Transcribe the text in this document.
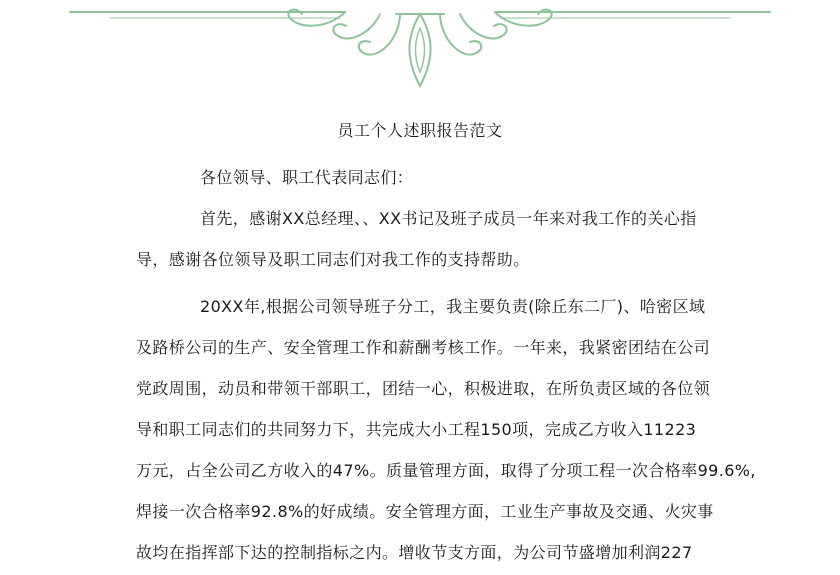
员工个人述职报告范文
各位领导、职工代表同志们：
首先，感谢XX总经理、、XX书记及班子成员一年来对我工作的关心指
导，感谢各位领导及职工同志们对我工作的支持帮助。
20XX年,根据公司领导班子分工，我主要负责(除丘东二厂)、哈密区域
及路桥公司的生产、安全管理工作和薪酬考核工作。一年来，我紧密团结在公司
党政周围，动员和带领干部职工，团结一心，积极进取，在所负责区域的各位领
导和职工同志们的共同努力下，共完成大小工程150项，完成乙方收入11223
万元，占全公司乙方收入的47%。质量管理方面，取得了分项工程一次合格率99.6%,
焊接一次合格率92.8%的好成绩。安全管理方面，工业生产事故及交通、火灾事
故均在指挥部下达的控制指标之内。增收节支方面，为公司节盛增加利润227
